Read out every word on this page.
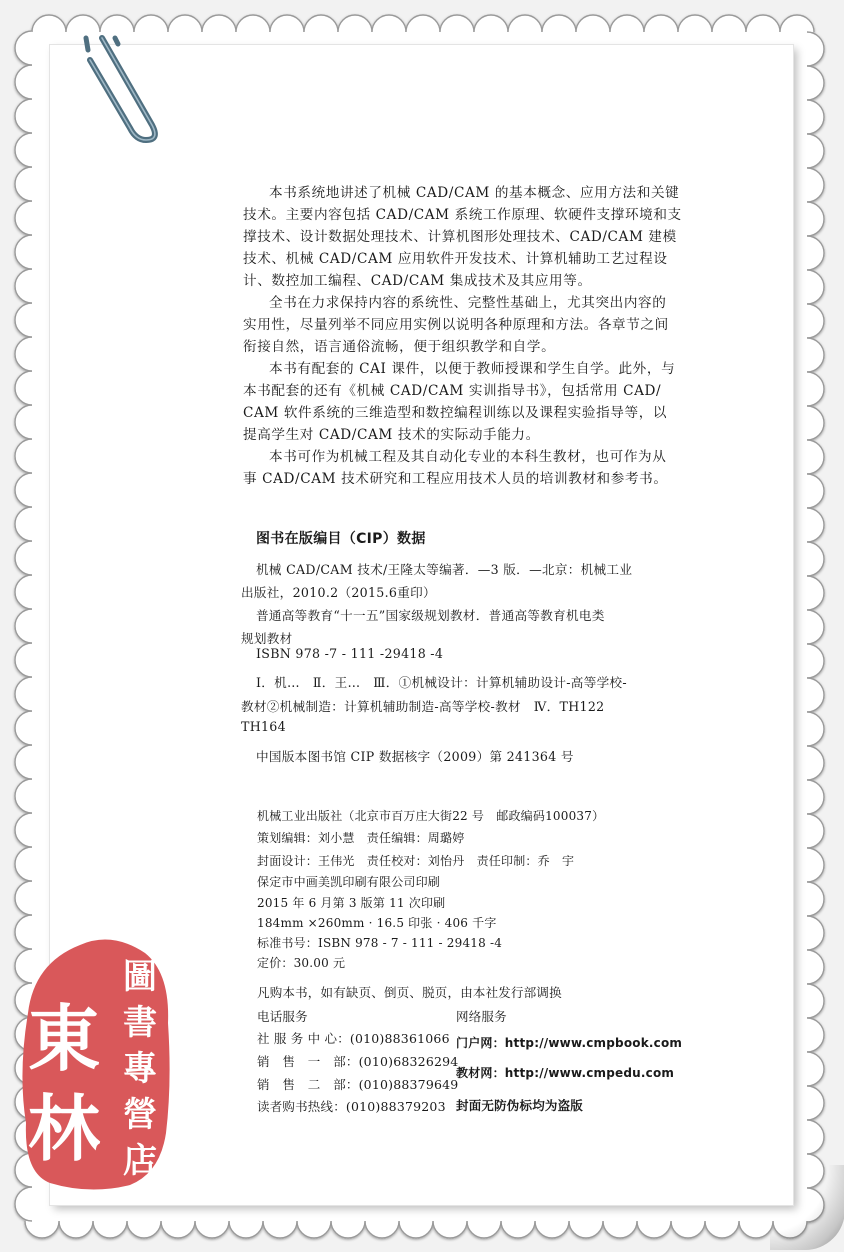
本书系统地讲述了机械 CAD/CAM 的基本概念、应用方法和关键
技术。主要内容包括 CAD/CAM 系统工作原理、软硬件支撑环境和支
撑技术、设计数据处理技术、计算机图形处理技术、CAD/CAM 建模
技术、机械 CAD/CAM 应用软件开发技术、计算机辅助工艺过程设
计、数控加工编程、CAD/CAM 集成技术及其应用等。
全书在力求保持内容的系统性、完整性基础上，尤其突出内容的
实用性，尽量列举不同应用实例以说明各种原理和方法。各章节之间
衔接自然，语言通俗流畅，便于组织教学和自学。
本书有配套的 CAI 课件，以便于教师授课和学生自学。此外，与
本书配套的还有《机械 CAD/CAM 实训指导书》，包括常用 CAD/
CAM 软件系统的三维造型和数控编程训练以及课程实验指导等，以
提高学生对 CAD/CAM 技术的实际动手能力。
本书可作为机械工程及其自动化专业的本科生教材，也可作为从
事 CAD/CAM 技术研究和工程应用技术人员的培训教材和参考书。
图书在版编目（CIP）数据
机械 CAD/CAM 技术/王隆太等编著．—3 版．—北京：机械工业
出版社，2010.2（2015.6重印）
普通高等教育“十一五”国家级规划教材．普通高等教育机电类
规划教材
ISBN 978 -7 - 111 -29418 -4
Ⅰ．机…　Ⅱ．王…　Ⅲ．①机械设计：计算机辅助设计-高等学校-
教材②机械制造：计算机辅助制造-高等学校-教材　Ⅳ．TH122
TH164
中国版本图书馆 CIP 数据核字（2009）第 241364 号
机械工业出版社（北京市百万庄大街22 号　邮政编码100037）
策划编辑：刘小慧　责任编辑：周璐婷
封面设计：王伟光　责任校对：刘怡丹　责任印制：乔　宇
保定市中画美凯印刷有限公司印刷
2015 年 6 月第 3 版第 11 次印刷
184mm ×260mm · 16.5 印张 · 406 千字
标准书号：ISBN 978 - 7 - 111 - 29418 -4
定价：30.00 元
凡购本书，如有缺页、倒页、脱页，由本社发行部调换
电话服务	网络服务
社 服 务 中 心：(010)88361066
销　售　一　部：(010)68326294
销　售　二　部：(010)88379649
读者购书热线：(010)88379203
门户网：http://www.cmpbook.com
教材网：http://www.cmpedu.com
封面无防伪标均为盗版
東
林
圖
書
專
營
店
